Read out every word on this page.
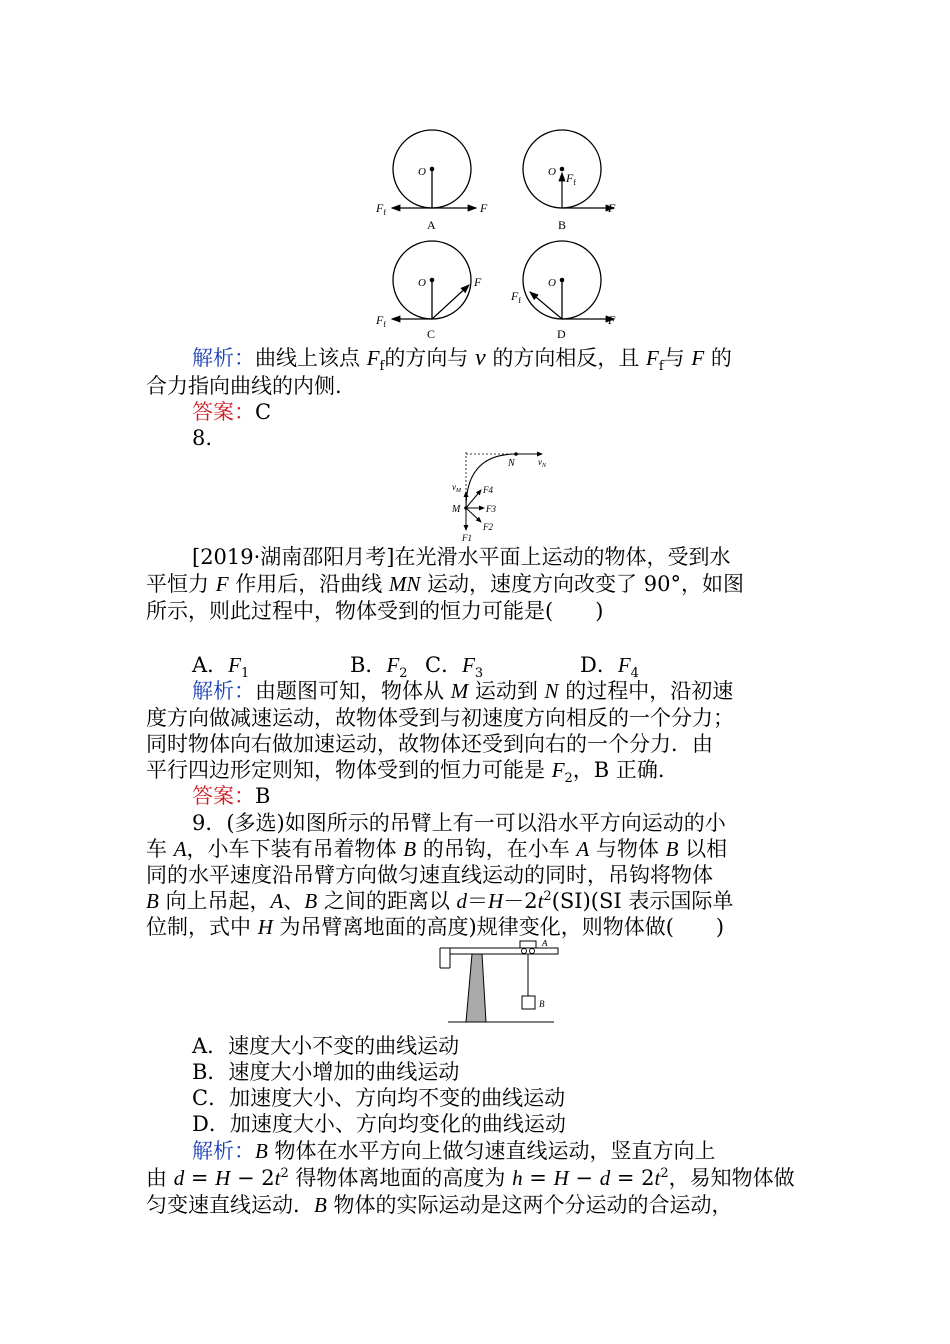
O
$F_f$	F
A
O $F_f$
F
B
O
$F_f$
F
C
O
$F_f$
F
D
解析：曲线上该点 $F_f$的方向与 v 的方向相反，且 $F_f$与 F 的
合力指向曲线的内侧.
答案：C
8.
N	$v_N$
$v_M$
M
F4
F3
F2
F1
[2019·湖南邵阳月考]在光滑水平面上运动的物体，受到水
平恒力 F 作用后，沿曲线 MN 运动，速度方向改变了 90°，如图
所示，则此过程中，物体受到的恒力可能是(　　)
A．$F_1$	B．$F_2$ C．$F_3$	D．$F_4$
解析：由题图可知，物体从 M 运动到 N 的过程中，沿初速
度方向做减速运动，故物体受到与初速度方向相反的一个分力；
同时物体向右做加速运动，故物体还受到向右的一个分力．由
平行四边形定则知，物体受到的恒力可能是 $F_2$，B 正确.
答案：B
9．(多选)如图所示的吊臂上有一可以沿水平方向运动的小
车 A，小车下装有吊着物体 B 的吊钩，在小车 A 与物体 B 以相
同的水平速度沿吊臂方向做匀速直线运动的同时，吊钩将物体
B 向上吊起，A、B 之间的距离以 $d=H-2t^2(SI)(SI$ 表示国际单
位制，式中 H 为吊臂离地面的高度)规律变化，则物体做(　　)
A
B
A．速度大小不变的曲线运动
B．速度大小增加的曲线运动
C．加速度大小、方向均不变的曲线运动
D．加速度大小、方向均变化的曲线运动
解析：B 物体在水平方向上做匀速直线运动，竖直方向上
由 $d = H - 2t^2$ 得物体离地面的高度为 $h = H - d = 2t^2$，易知物体做
匀变速直线运动．B 物体的实际运动是这两个分运动的合运动，
